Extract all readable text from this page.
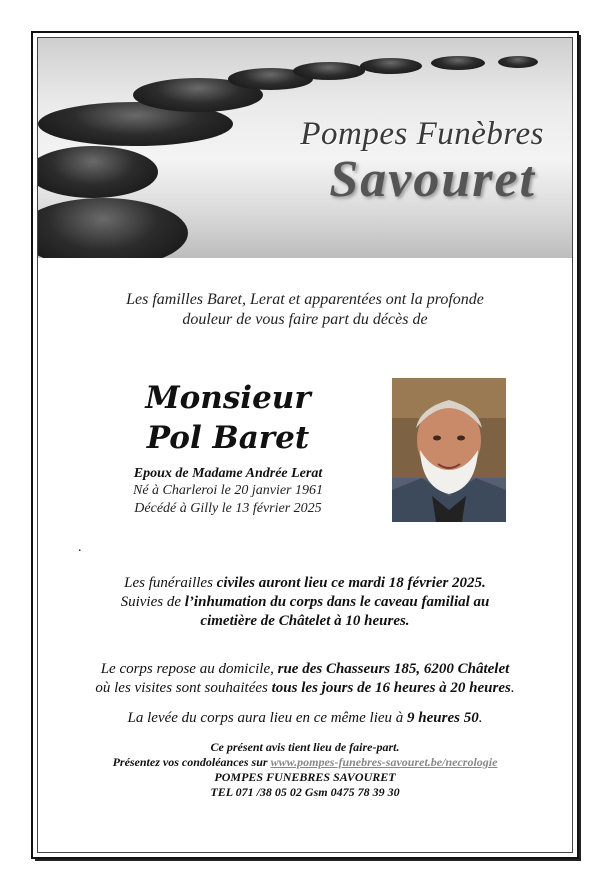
Pompes Funèbres
Savouret
Les familles Baret, Lerat et apparentées ont la profonde
douleur de vous faire part du décès de
Monsieur
Pol Baret
Epoux de Madame Andrée Lerat
Né à Charleroi le 20 janvier 1961
Décédé à Gilly le 13 février 2025
.
Les funérailles civiles auront lieu ce mardi 18 février 2025.
Suivies de l’inhumation du corps dans le caveau familial au
cimetière de Châtelet à 10 heures.
Le corps repose au domicile, rue des Chasseurs 185, 6200 Châtelet
où les visites sont souhaitées tous les jours de 16 heures à 20 heures.
La levée du corps aura lieu en ce même lieu à 9 heures 50.
Ce présent avis tient lieu de faire-part.
Présentez vos condoléances sur www.pompes-funebres-savouret.be/necrologie
POMPES FUNEBRES SAVOURET
TEL 071 /38 05 02 Gsm 0475 78 39 30
